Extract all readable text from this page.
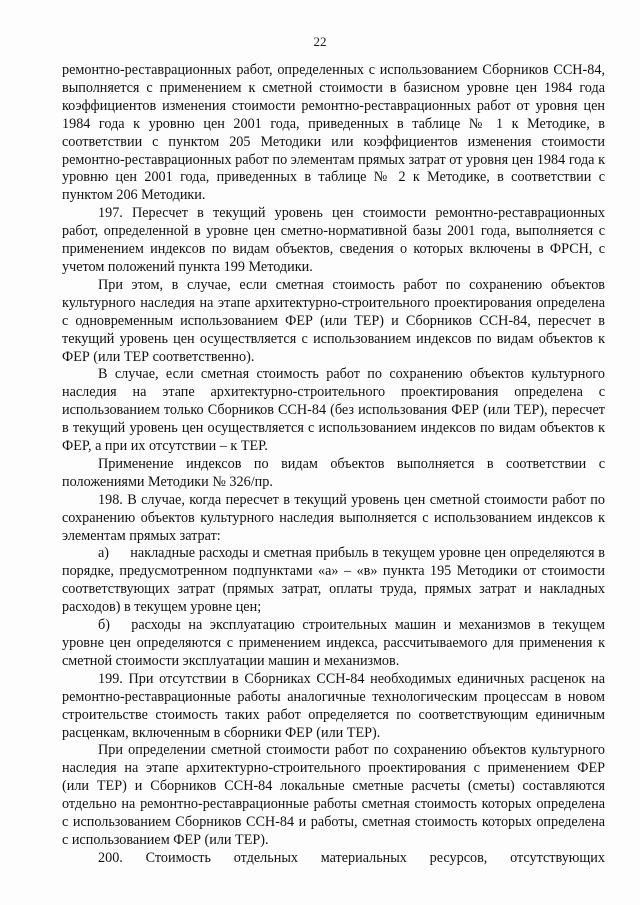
22

ремонтно-реставрационных работ, определенных с использованием Сборников ССН-84, выполняется с применением к сметной стоимости в базисном уровне цен 1984 года коэффициентов изменения стоимости ремонтно-реставрационных работ от уровня цен 1984 года к уровню цен 2001 года, приведенных в таблице № 1 к Методике, в соответствии с пунктом 205 Методики или коэффициентов изменения стоимости ремонтно-реставрационных работ по элементам прямых затрат от уровня цен 1984 года к уровню цен 2001 года, приведенных в таблице № 2 к Методике, в соответствии с пунктом 206 Методики.

197. Пересчет в текущий уровень цен стоимости ремонтно-реставрационных работ, определенной в уровне цен сметно-нормативной базы 2001 года, выполняется с применением индексов по видам объектов, сведения о которых включены в ФРСН, с учетом положений пункта 199 Методики.

При этом, в случае, если сметная стоимость работ по сохранению объектов культурного наследия на этапе архитектурно-строительного проектирования определена с одновременным использованием ФЕР (или ТЕР) и Сборников ССН-84, пересчет в текущий уровень цен осуществляется с использованием индексов по видам объектов к ФЕР (или ТЕР соответственно).

В случае, если сметная стоимость работ по сохранению объектов культурного наследия на этапе архитектурно-строительного проектирования определена с использованием только Сборников ССН-84 (без использования ФЕР (или ТЕР), пересчет в текущий уровень цен осуществляется с использованием индексов по видам объектов к ФЕР, а при их отсутствии – к ТЕР.

Применение индексов по видам объектов выполняется в соответствии с положениями Методики № 326/пр.

198. В случае, когда пересчет в текущий уровень цен сметной стоимости работ по сохранению объектов культурного наследия выполняется с использованием индексов к элементам прямых затрат:

а)  накладные расходы и сметная прибыль в текущем уровне цен определяются в порядке, предусмотренном подпунктами «а» – «в» пункта 195 Методики от стоимости соответствующих затрат (прямых затрат, оплаты труда, прямых затрат и накладных расходов) в текущем уровне цен;

б)  расходы на эксплуатацию строительных машин и механизмов в текущем уровне цен определяются с применением индекса, рассчитываемого для применения к сметной стоимости эксплуатации машин и механизмов.

199. При отсутствии в Сборниках ССН-84 необходимых единичных расценок на ремонтно-реставрационные работы аналогичные технологическим процессам в новом строительстве стоимость таких работ определяется по соответствующим единичным расценкам, включенным в сборники ФЕР (или ТЕР).

При определении сметной стоимости работ по сохранению объектов культурного наследия на этапе архитектурно-строительного проектирования с применением ФЕР (или ТЕР) и Сборников ССН-84 локальные сметные расчеты (сметы) составляются отдельно на ремонтно-реставрационные работы сметная стоимость которых определена с использованием Сборников ССН-84 и работы, сметная стоимость которых определена с использованием ФЕР (или ТЕР).

200. Стоимость отдельных материальных ресурсов, отсутствующих
